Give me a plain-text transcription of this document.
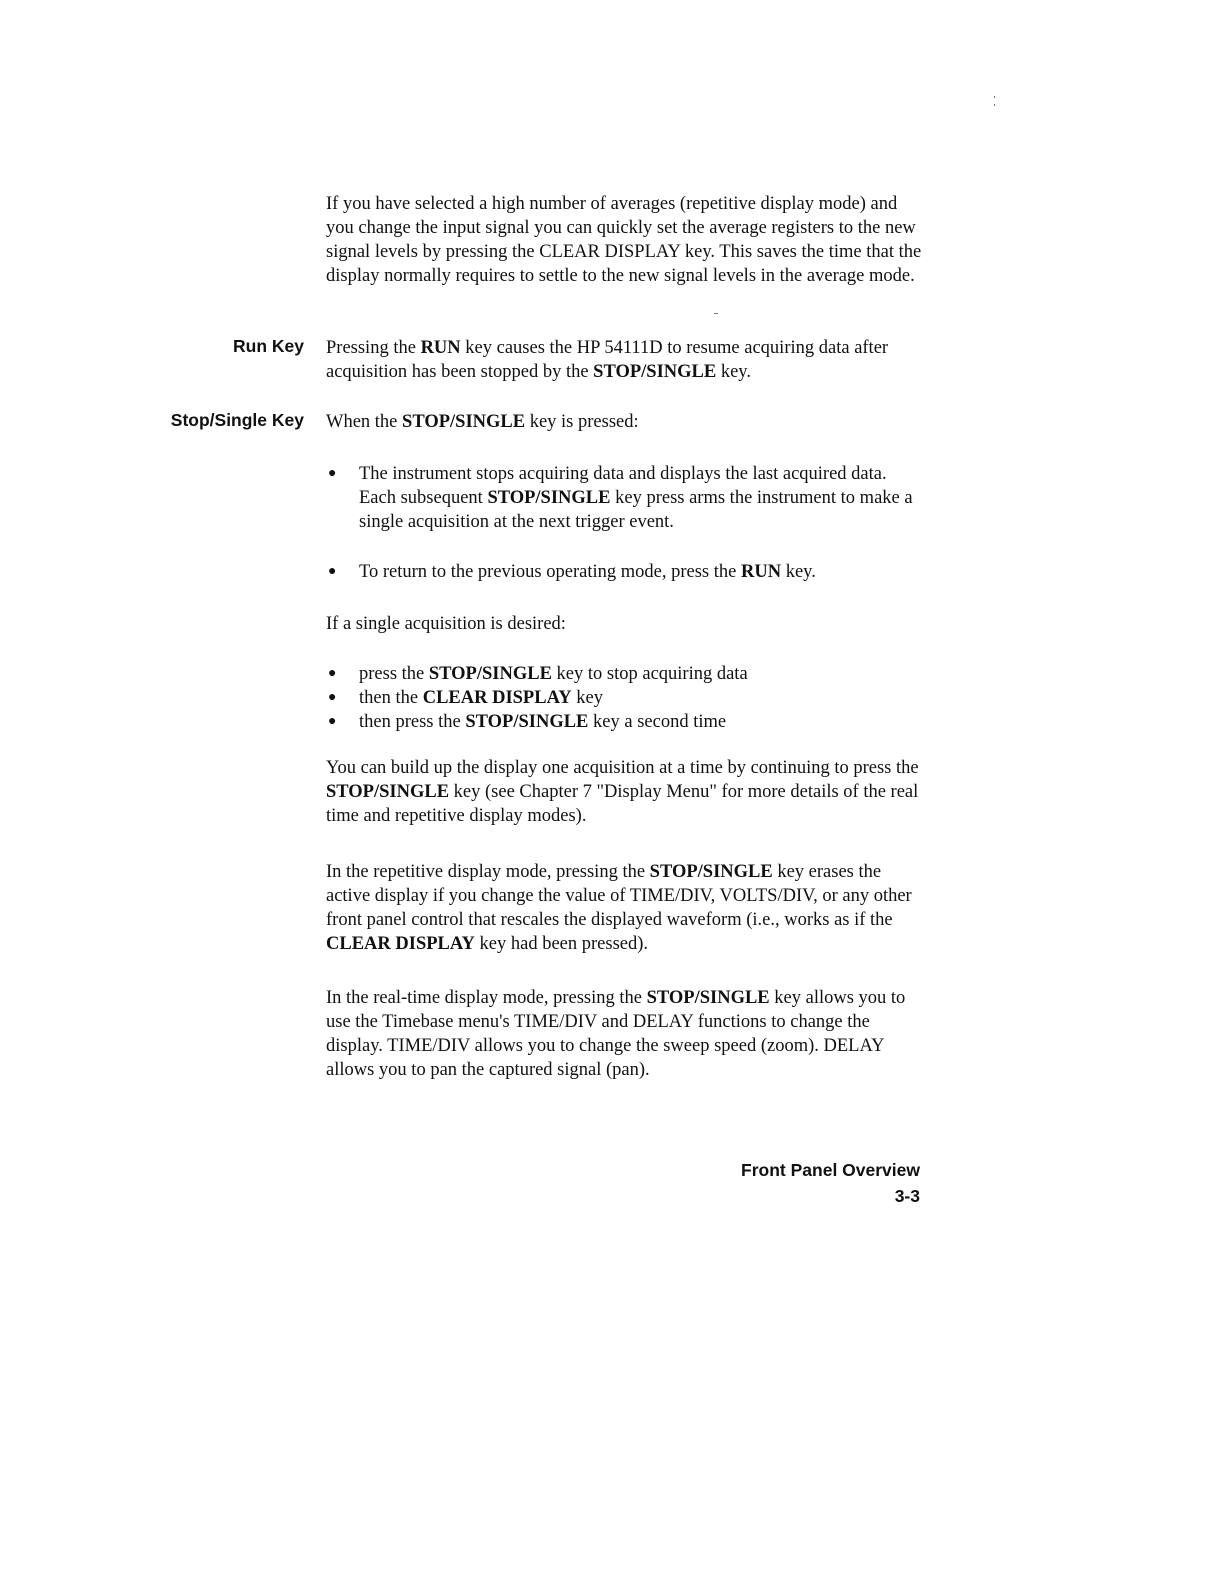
If you have selected a high number of averages (repetitive display mode) and you change the input signal you can quickly set the average registers to the new signal levels by pressing the CLEAR DISPLAY key. This saves the time that the display normally requires to settle to the new signal levels in the average mode.

Run Key Pressing the RUN key causes the HP 54111D to resume acquiring data after acquisition has been stopped by the STOP/SINGLE key.

Stop/Single Key When the STOP/SINGLE key is pressed:

● The instrument stops acquiring data and displays the last acquired data. Each subsequent STOP/SINGLE key press arms the instrument to make a single acquisition at the next trigger event.
● To return to the previous operating mode, press the RUN key.

If a single acquisition is desired:

● press the STOP/SINGLE key to stop acquiring data
● then the CLEAR DISPLAY key
● then press the STOP/SINGLE key a second time

You can build up the display one acquisition at a time by continuing to press the STOP/SINGLE key (see Chapter 7 "Display Menu" for more details of the real time and repetitive display modes).

In the repetitive display mode, pressing the STOP/SINGLE key erases the active display if you change the value of TIME/DIV, VOLTS/DIV, or any other front panel control that rescales the displayed waveform (i.e., works as if the CLEAR DISPLAY key had been pressed).

In the real-time display mode, pressing the STOP/SINGLE key allows you to use the Timebase menu's TIME/DIV and DELAY functions to change the display. TIME/DIV allows you to change the sweep speed (zoom). DELAY allows you to pan the captured signal (pan).

Front Panel Overview
3-3
